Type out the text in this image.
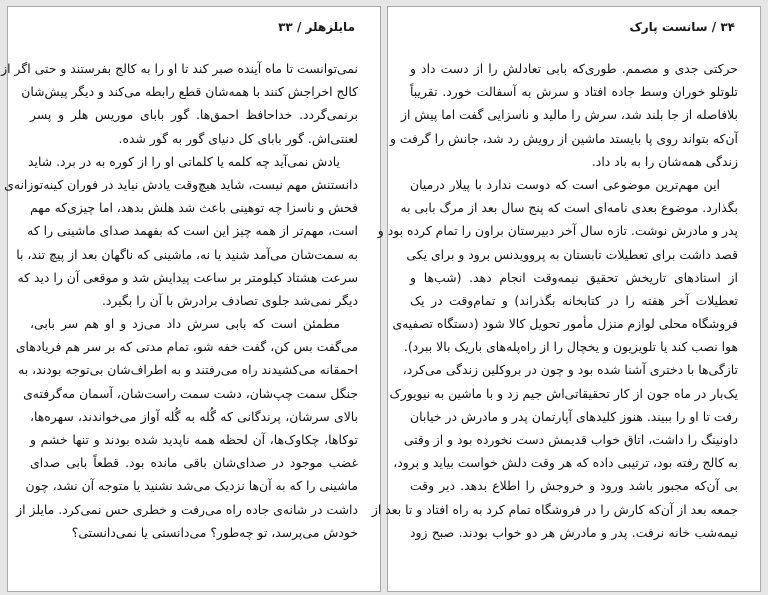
مایلزهلر / ۳۳
نمی‌توانست تا ماه آینده صبر کند تا او را به کالج بفرستند و حتی اگر از
کالج اخراجش کنند با همه‌شان قطع رابطه می‌کند و دیگر پیش‌شان
برنمی‌گردد. خداحافظ احمق‌ها. گور بابای موریس هلر و پسر
لعنتی‌اش. گور بابای کل دنیای گور به گور شده.
یادش نمی‌آید چه کلمه یا کلماتی او را از کوره به در برد. شاید
دانستنش مهم نیست، شاید هیچ‌وقت یادش نیاید در فوران کینه‌توزانه‌ی
فحش و ناسزا چه توهینی باعث شد هلش بدهد، اما چیزی‌که مهم
است، مهم‌تر از همه چیز این است که بفهمد صدای ماشینی را که
به سمت‌شان می‌آمد شنید یا نه، ماشینی که ناگهان بعد از پیچ تند، با
سرعت هشتاد کیلومتر بر ساعت پیدایش شد و موقعی آن را دید که
دیگر نمی‌شد جلوی تصادف برادرش با آن را بگیرد.
مطمئن است که بابی سرش داد می‌زد و او هم سر بابی،
می‌گفت بس کن، گفت خفه شو، تمام مدتی که بر سر هم فریادهای
احمقانه می‌کشیدند راه می‌رفتند و به اطراف‌شان بی‌توجه بودند، به
جنگل سمت چپ‌شان، دشت سمت راست‌شان، آسمان مه‌گرفته‌ی
بالای سرشان، پرندگانی که گُله به گُله آواز می‌خواندند، سهره‌ها،
توکاها، چکاوک‌ها، آن لحظه همه ناپدید شده بودند و تنها خشم و
غضب موجود در صدای‌شان باقی مانده بود. قطعاً بابی صدای
ماشینی را که به آن‌ها نزدیک می‌شد نشنید یا متوجه آن نشد، چون
داشت در شانه‌ی جاده راه می‌رفت و خطری حس نمی‌کرد. مایلز از
خودش می‌پرسد، تو چه‌طور؟ می‌دانستی یا نمی‌دانستی؟
۳۴ / سانست پارک
حرکتی جدی و مصمم. طوری‌که بابی تعادلش را از دست داد و
تلوتلو خوران وسط جاده افتاد و سرش به آسفالت خورد. تقریباً
بلافاصله از جا بلند شد، سرش را مالید و ناسزایی گفت اما پیش از
آن‌که بتواند روی پا بایستد ماشین از رویش رد شد، جانش را گرفت و
زندگی همه‌شان را به باد داد.
این مهم‌ترین موضوعی است که دوست ندارد با پیلار درمیان
بگذارد. موضوع بعدی نامه‌ای است که پنج سال بعد از مرگ بابی به
پدر و مادرش نوشت. تازه سال آخر دبیرستان براون را تمام کرده بود و
قصد داشت برای تعطیلات تابستان به پروویدنس برود و برای یکی
از استادهای تاریخش تحقیق نیمه‌وقت انجام دهد. (شب‌ها و
تعطیلات آخر هفته را در کتابخانه بگذراند) و تمام‌وقت در یک
فروشگاه محلی لوازم منزل مأمور تحویل کالا شود (دستگاه تصفیه‌ی
هوا نصب کند یا تلویزیون و یخچال را از راه‌پله‌های باریک بالا ببرد).
تازگی‌ها با دختری آشنا شده بود و چون در بروکلین زندگی می‌کرد،
یک‌بار در ماه جون از کار تحقیقاتی‌اش جیم زد و با ماشین به نیویورک
رفت تا او را ببیند. هنوز کلیدهای آپارتمان پدر و مادرش در خیابان
داونینگ را داشت، اتاق خواب قدیمش دست نخورده بود و از وقتی
به کالج رفته بود، ترتیبی داده که هر وقت دلش خواست بیاید و برود،
بی آن‌که مجبور باشد ورود و خروجش را اطلاع بدهد. دیر وقت
جمعه بعد از آن‌که کارش را در فروشگاه تمام کرد به راه افتاد و تا بعد از
نیمه‌شب خانه نرفت. پدر و مادرش هر دو خواب بودند. صبح زود
